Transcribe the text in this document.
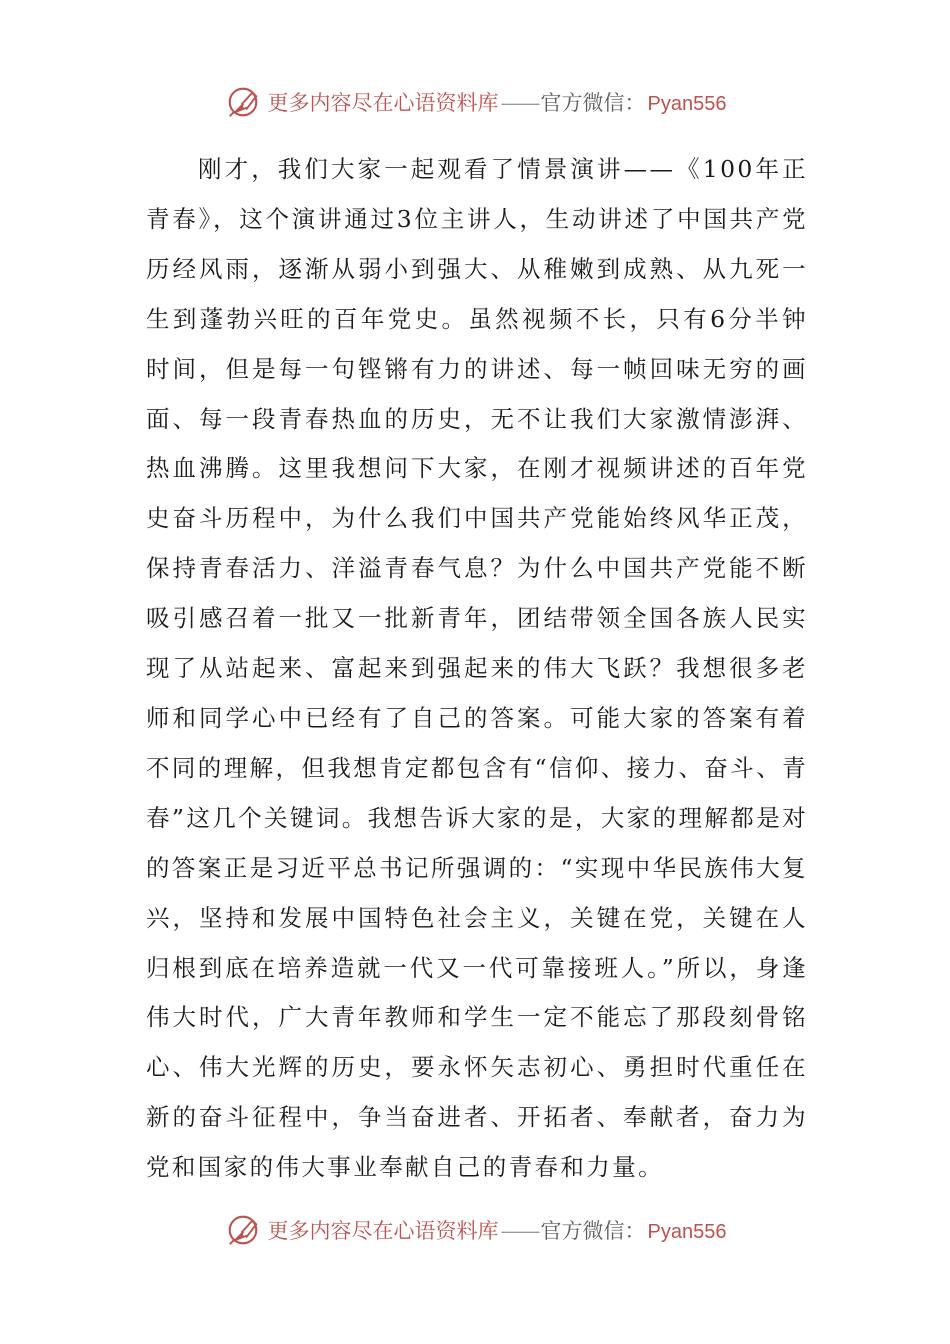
更多内容尽在心语资料库 —— 官方微信： Pyan556

刚才，我们大家一起观看了情景演讲——《100年正青春》，这个演讲通过3位主讲人，生动讲述了中国共产党历经风雨，逐渐从弱小到强大、从稚嫩到成熟、从九死一生到蓬勃兴旺的百年党史。虽然视频不长，只有6分半钟时间，但是每一句铿锵有力的讲述、每一帧回味无穷的画面、每一段青春热血的历史，无不让我们大家激情澎湃、热血沸腾。这里我想问下大家，在刚才视频讲述的百年党史奋斗历程中，为什么我们中国共产党能始终风华正茂，保持青春活力、洋溢青春气息？为什么中国共产党能不断吸引感召着一批又一批新青年，团结带领全国各族人民实现了从站起来、富起来到强起来的伟大飞跃？我想很多老师和同学心中已经有了自己的答案。可能大家的答案有着不同的理解，但我想肯定都包含有“信仰、接力、奋斗、青春”这几个关键词。我想告诉大家的是，大家的理解都是对的答案正是习近平总书记所强调的：“实现中华民族伟大复兴，坚持和发展中国特色社会主义，关键在党，关键在人归根到底在培养造就一代又一代可靠接班人。”所以，身逢伟大时代，广大青年教师和学生一定不能忘了那段刻骨铭心、伟大光辉的历史，要永怀矢志初心、勇担时代重任在新的奋斗征程中，争当奋进者、开拓者、奉献者，奋力为党和国家的伟大事业奉献自己的青春和力量。

更多内容尽在心语资料库 —— 官方微信： Pyan556
